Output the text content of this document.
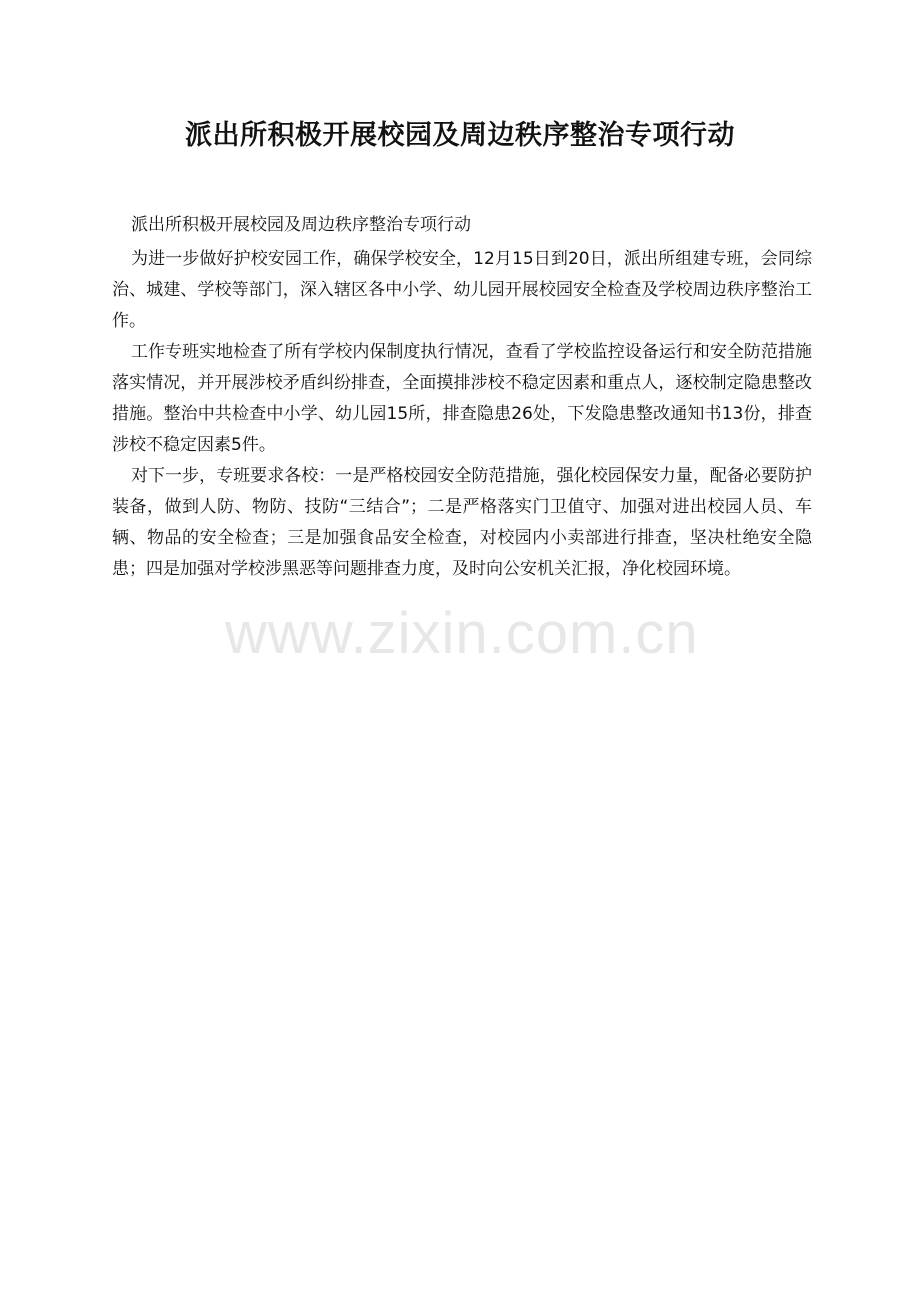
www.zixin.com.cn
派出所积极开展校园及周边秩序整治专项行动

派出所积极开展校园及周边秩序整治专项行动

为进一步做好护校安园工作，确保学校安全，12月15日到20日，派出所组建专班，会同综治、城建、学校等部门，深入辖区各中小学、幼儿园开展校园安全检查及学校周边秩序整治工作。

工作专班实地检查了所有学校内保制度执行情况，查看了学校监控设备运行和安全防范措施落实情况，并开展涉校矛盾纠纷排查，全面摸排涉校不稳定因素和重点人，逐校制定隐患整改措施。整治中共检查中小学、幼儿园15所，排查隐患26处，下发隐患整改通知书13份，排查涉校不稳定因素5件。

对下一步，专班要求各校：一是严格校园安全防范措施，强化校园保安力量，配备必要防护装备，做到人防、物防、技防“三结合”；二是严格落实门卫值守、加强对进出校园人员、车辆、物品的安全检查；三是加强食品安全检查，对校园内小卖部进行排查，坚决杜绝安全隐患；四是加强对学校涉黑恶等问题排查力度，及时向公安机关汇报，净化校园环境。
